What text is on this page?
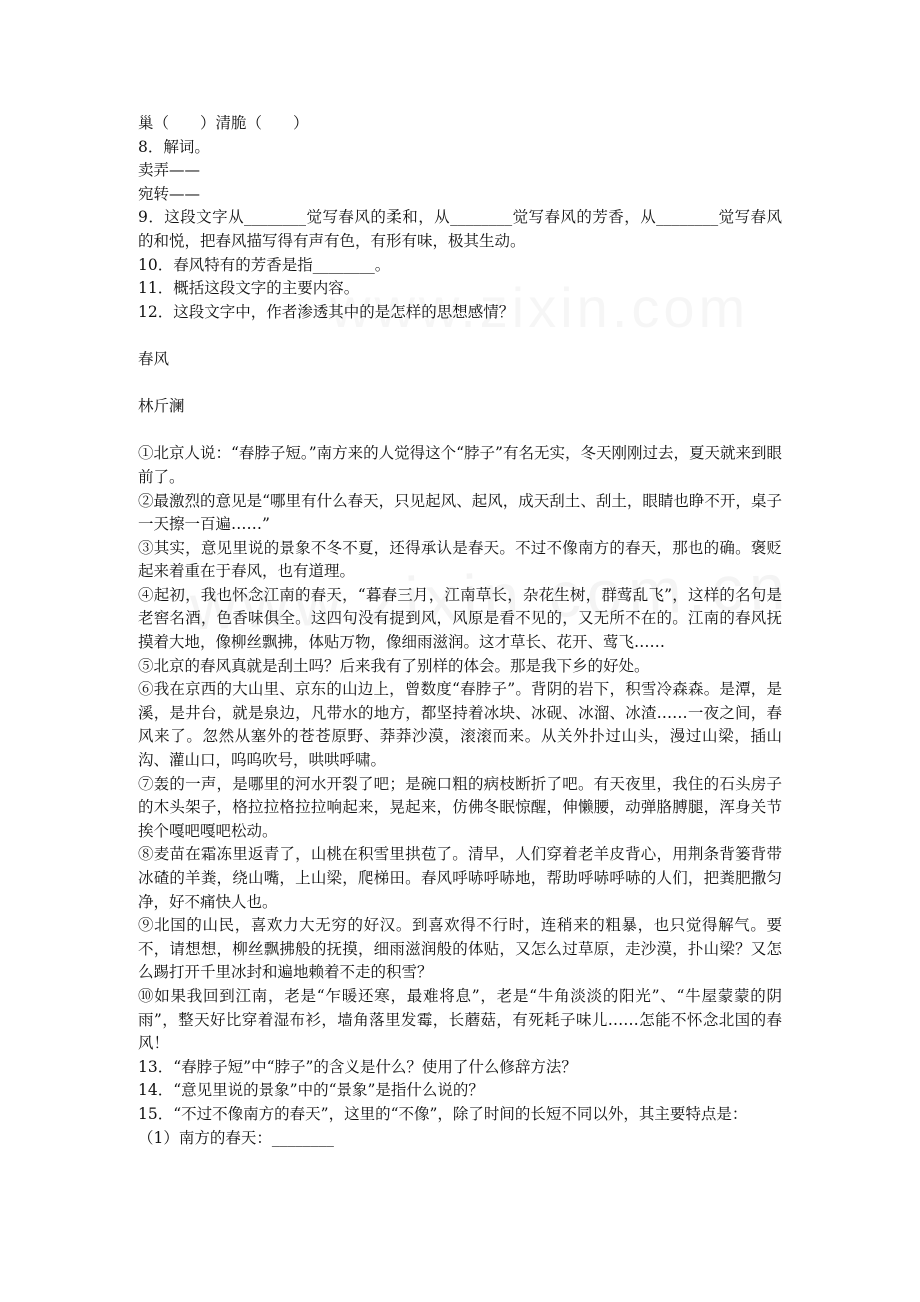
巢（　　）清脆（　　）
8．解词。
卖弄——
宛转——
9．这段文字从________觉写春风的柔和，从________觉写春风的芳香，从________觉写春风的和悦，把春风描写得有声有色，有形有味，极其生动。
10．春风特有的芳香是指________。
11．概括这段文字的主要内容。
12．这段文字中，作者渗透其中的是怎样的思想感情？
春风
林斤澜
①北京人说：“春脖子短。”南方来的人觉得这个“脖子”有名无实，冬天刚刚过去，夏天就来到眼前了。
②最激烈的意见是“哪里有什么春天，只见起风、起风，成天刮土、刮土，眼睛也睁不开，桌子一天擦一百遍……”
③其实，意见里说的景象不冬不夏，还得承认是春天。不过不像南方的春天，那也的确。褒贬起来着重在于春风，也有道理。
④起初，我也怀念江南的春天，“暮春三月，江南草长，杂花生树，群莺乱飞”，这样的名句是老窖名酒，色香味俱全。这四句没有提到风，风原是看不见的，又无所不在的。江南的春风抚摸着大地，像柳丝飘拂，体贴万物，像细雨滋润。这才草长、花开、莺飞……
⑤北京的春风真就是刮土吗？后来我有了别样的体会。那是我下乡的好处。
⑥我在京西的大山里、京东的山边上，曾数度“春脖子”。背阴的岩下，积雪冷森森。是潭，是溪，是井台，就是泉边，凡带水的地方，都坚持着冰块、冰砚、冰溜、冰渣……一夜之间，春风来了。忽然从塞外的苍苍原野、莽莽沙漠，滚滚而来。从关外扑过山头，漫过山梁，插山沟、灌山口，呜呜吹号，哄哄呼啸。
⑦轰的一声，是哪里的河水开裂了吧；是碗口粗的病枝断折了吧。有天夜里，我住的石头房子的木头架子，格拉拉格拉拉响起来，晃起来，仿佛冬眠惊醒，伸懒腰，动弹胳膊腿，浑身关节挨个嘎吧嘎吧松动。
⑧麦苗在霜冻里返青了，山桃在积雪里拱苞了。清早，人们穿着老羊皮背心，用荆条背篓背带冰碴的羊粪，绕山嘴，上山梁，爬梯田。春风呼哧呼哧地，帮助呼哧呼哧的人们，把粪肥撒匀净，好不痛快人也。
⑨北国的山民，喜欢力大无穷的好汉。到喜欢得不行时，连稍来的粗暴，也只觉得解气。要不，请想想，柳丝飘拂般的抚摸，细雨滋润般的体贴，又怎么过草原，走沙漠，扑山梁？又怎么踢打开千里冰封和遍地赖着不走的积雪？
⑩如果我回到江南，老是“乍暖还寒，最难将息”，老是“牛角淡淡的阳光”、“牛屋蒙蒙的阴雨”，整天好比穿着湿布衫，墙角落里发霉，长蘑菇，有死耗子味儿……怎能不怀念北国的春风！
13．“春脖子短”中“脖子”的含义是什么？使用了什么修辞方法？
14．“意见里说的景象”中的“景象”是指什么说的？
15．“不过不像南方的春天”，这里的“不像”，除了时间的长短不同以外，其主要特点是：
（1）南方的春天：________
